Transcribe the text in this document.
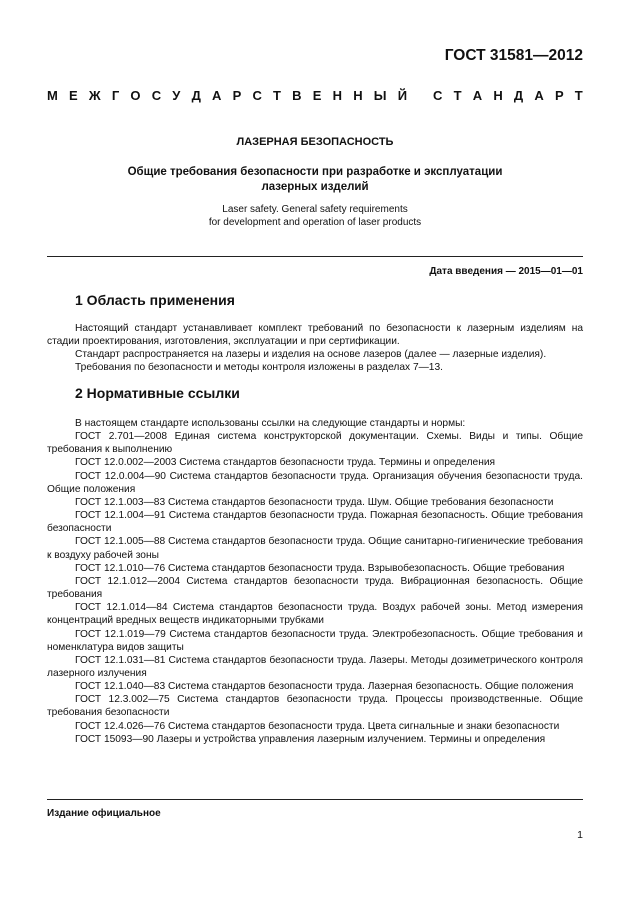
ГОСТ 31581—2012
М Е Ж Г О С У Д А Р С Т В Е Н Н Ы Й
С Т А Н Д А Р Т
ЛАЗЕРНАЯ БЕЗОПАСНОСТЬ
Общие требования безопасности при разработке и эксплуатации
лазерных изделий
Laser safety. General safety requirements
for development and operation of laser products
Дата введения — 2015—01—01
1 Область применения

Настоящий стандарт устанавливает комплект требований по безопасности к лазерным изделиям на стадии проектирования, изготовления, эксплуатации и при сертификации.

Стандарт распространяется на лазеры и изделия на основе лазеров (далее — лазерные изделия).

Требования по безопасности и методы контроля изложены в разделах 7—13.

2 Нормативные ссылки

В настоящем стандарте использованы ссылки на следующие стандарты и нормы:

ГОСТ 2.701—2008 Единая система конструкторской документации. Схемы. Виды и типы. Общие требования к выполнению

ГОСТ 12.0.002—2003 Система стандартов безопасности труда. Термины и определения

ГОСТ 12.0.004—90 Система стандартов безопасности труда. Организация обучения безопасности труда. Общие положения

ГОСТ 12.1.003—83 Система стандартов безопасности труда. Шум. Общие требования безопасности

ГОСТ 12.1.004—91 Система стандартов безопасности труда. Пожарная безопасность. Общие требования безопасности

ГОСТ 12.1.005—88 Система стандартов безопасности труда. Общие санитарно-гигиенические требования к воздуху рабочей зоны

ГОСТ 12.1.010—76 Система стандартов безопасности труда. Взрывобезопасность. Общие требования

ГОСТ 12.1.012—2004 Система стандартов безопасности труда. Вибрационная безопасность. Общие требования

ГОСТ 12.1.014—84 Система стандартов безопасности труда. Воздух рабочей зоны. Метод измерения концентраций вредных веществ индикаторными трубками

ГОСТ 12.1.019—79 Система стандартов безопасности труда. Электробезопасность. Общие требования и номенклатура видов защиты

ГОСТ 12.1.031—81 Система стандартов безопасности труда. Лазеры. Методы дозиметрического контроля лазерного излучения

ГОСТ 12.1.040—83 Система стандартов безопасности труда. Лазерная безопасность. Общие положения

ГОСТ 12.3.002—75 Система стандартов безопасности труда. Процессы производственные. Общие требования безопасности

ГОСТ 12.4.026—76 Система стандартов безопасности труда. Цвета сигнальные и знаки безопасности

ГОСТ 15093—90 Лазеры и устройства управления лазерным излучением. Термины и определения

Издание официальное
1
